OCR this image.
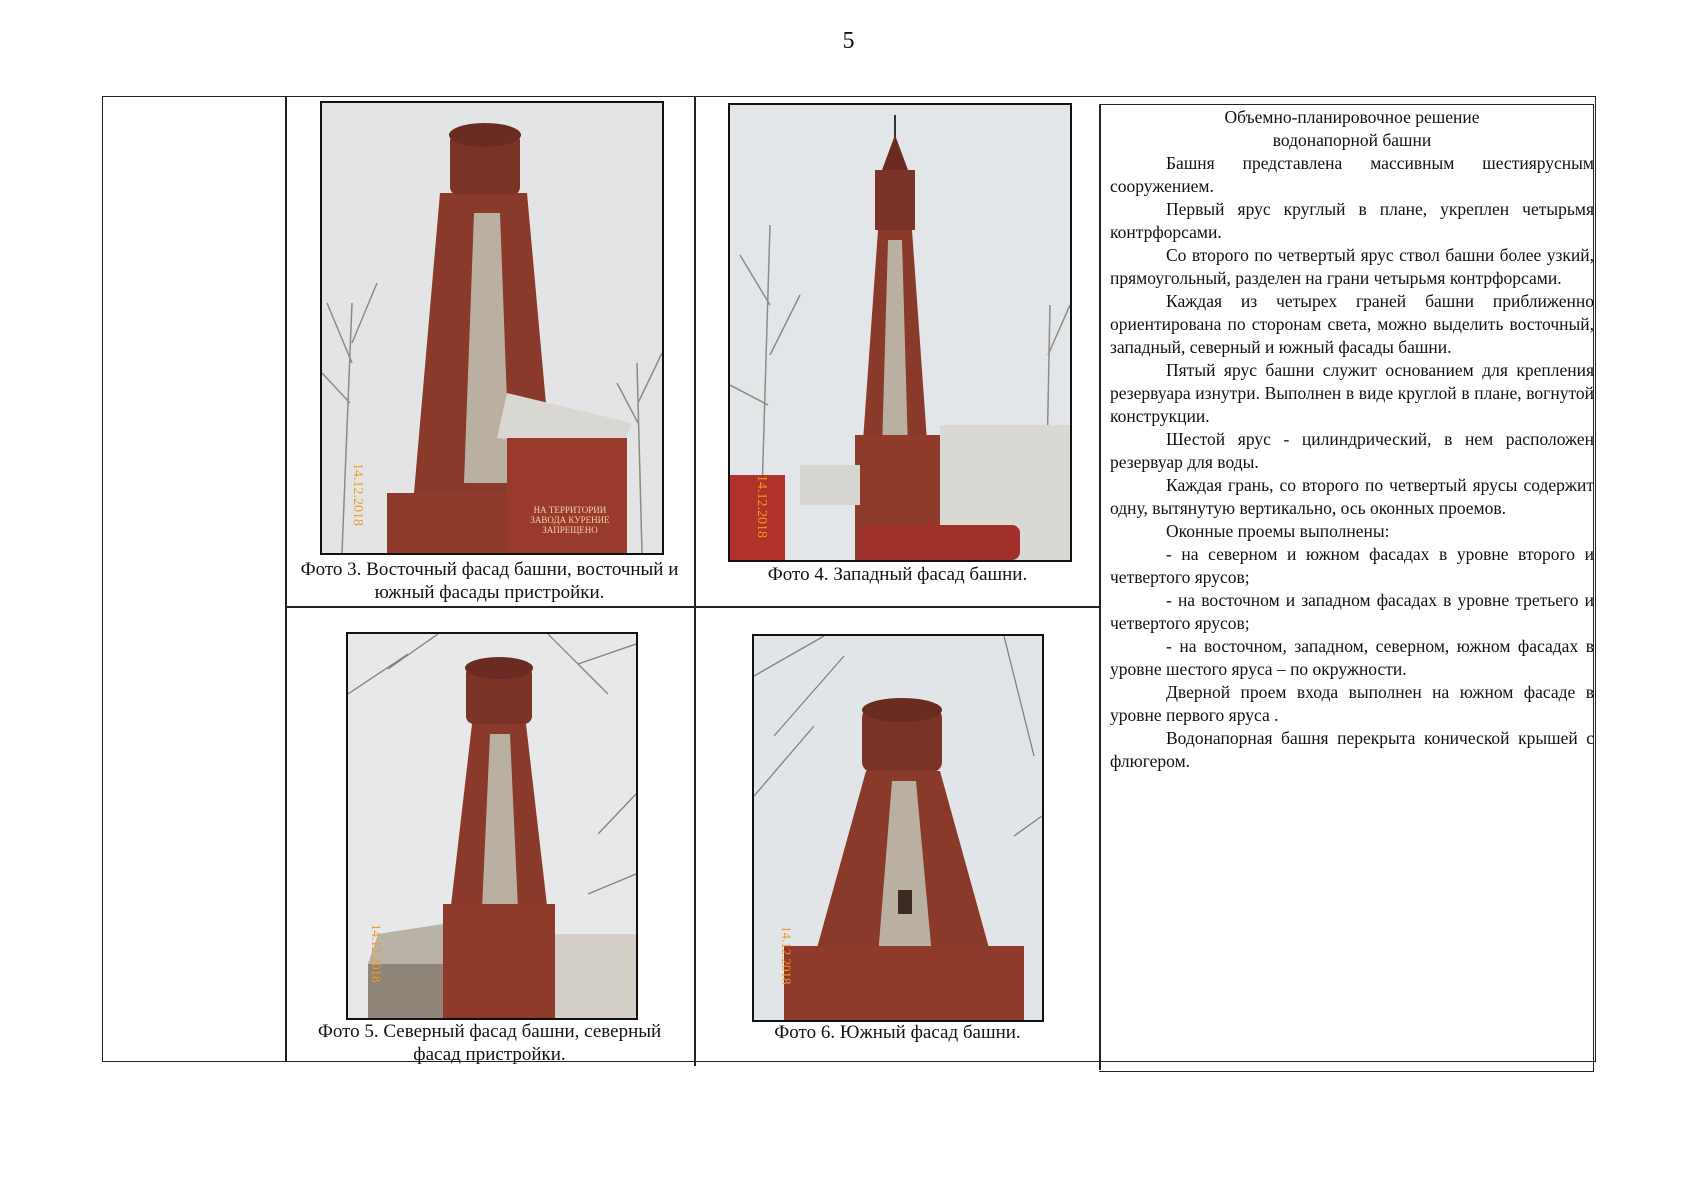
5
НА ТЕРРИТОРИИ
ЗАВОДА КУРЕНИЕ
ЗАПРЕЩЕНО
14.12.2018
Фото 3. Восточный фасад башни, восточный и южный фасады пристройки.
14.12.2018
Фото 4. Западный фасад башни.
14.12.2018
Фото 5. Северный фасад башни, северный фасад пристройки.
14.12.2018
Фото 6. Южный фасад башни.
Объемно-планировочное решение
водонапорной башни

Башня представлена массивным шестиярусным сооружением.

Первый ярус круглый в плане, укреплен четырьмя контрфорсами.

Со второго по четвертый ярус ствол башни более узкий, прямоугольный, разделен на грани четырьмя контрфорсами.

Каждая из четырех граней башни приближенно ориентирована по сторонам света, можно выделить восточный, западный, северный и южный фасады башни.

Пятый ярус башни служит основанием для крепления резервуара изнутри. Выполнен в виде круглой в плане, вогнутой конструкции.

Шестой ярус - цилиндрический, в нем расположен резервуар для воды.

Каждая грань, со второго по четвертый ярусы содержит одну, вытянутую вертикально, ось оконных проемов.

Оконные проемы выполнены:

- на северном и южном фасадах в уровне второго и четвертого ярусов;

- на восточном и западном фасадах в уровне третьего и четвертого ярусов;

- на восточном, западном, северном, южном фасадах в уровне шестого яруса – по окружности.

Дверной проем входа выполнен на южном фасаде в уровне первого яруса .

Водонапорная башня перекрыта конической крышей с флюгером.
